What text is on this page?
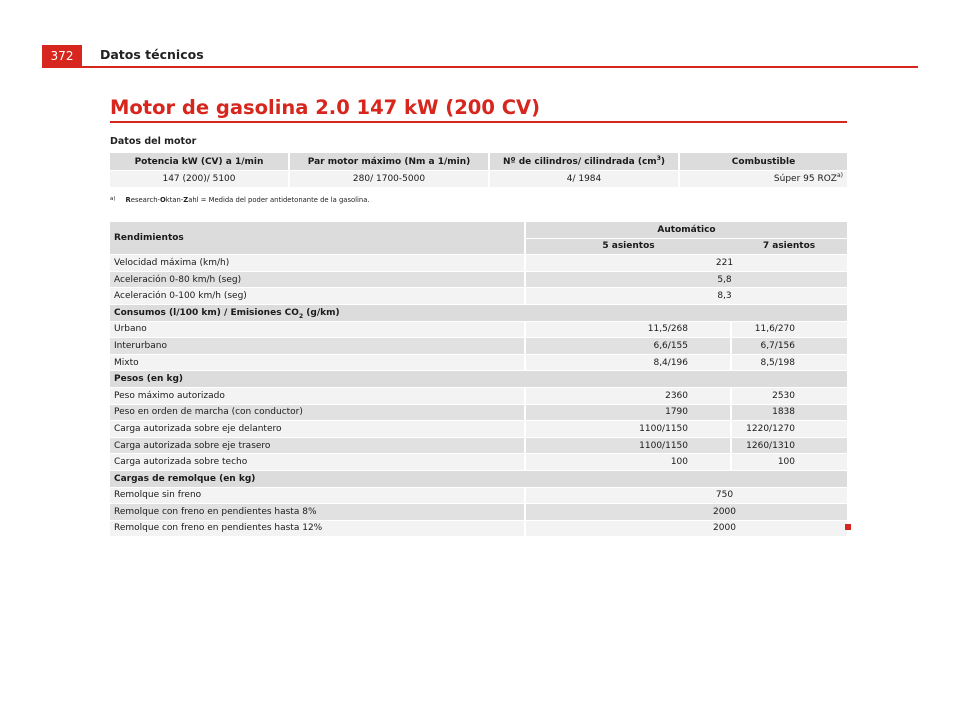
372	Datos técnicos
Motor de gasolina 2.0 147 kW (200 CV)
Datos del motor
Potencia kW (CV) a 1/min	Par motor máximo (Nm a 1/min)	Nº de cilindros/ cilindrada $(cm^3)$	Combustible
147 (200)/ 5100	280/ 1700-5000	4/ 1984	Súper 95 ROZ$^{a)}$
$^{a)}$ Research-Oktan-Zahl = Medida del poder antidetonante de la gasolina.
Rendimientos	Automático	
	5 asientos	7 asientos
Velocidad máxima (km/h)	221	
Aceleración 0-80 km/h (seg)	5,8	
Aceleración 0-100 km/h (seg)	8,3	
Consumos (l/100 km) / Emisiones $CO_2$ (g/km)		
Urbano	11,5/268	11,6/270
Interurbano	6,6/155	6,7/156
Mixto	8,4/196	8,5/198
Pesos (en kg)		
Peso máximo autorizado	2360	2530
Peso en orden de marcha (con conductor)	1790	1838
Carga autorizada sobre eje delantero	1100/1150	1220/1270
Carga autorizada sobre eje trasero	1100/1150	1260/1310
Carga autorizada sobre techo	100	100
Cargas de remolque (en kg)		
Remolque sin freno	750	
Remolque con freno en pendientes hasta 8%	2000	
Remolque con freno en pendientes hasta 12%	2000	
